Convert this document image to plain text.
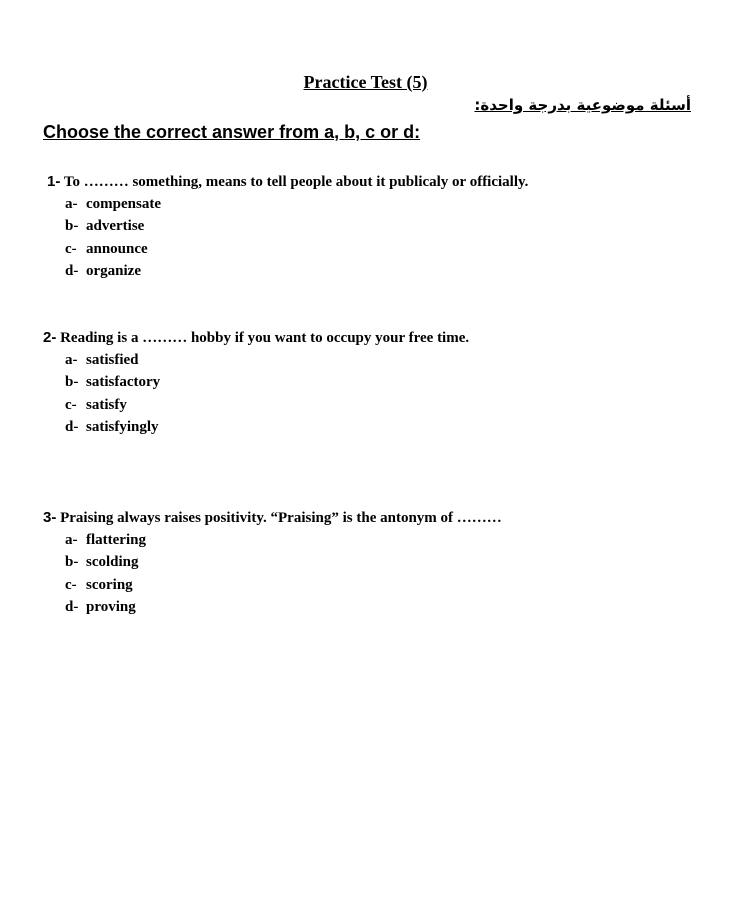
Practice Test (5)
أسئلة موضوعية بدرجة واحدة:
Choose the correct answer from a, b, c or d:
1- To ……… something, means to tell people about it publicaly or officially.
a- compensate
b- advertise
c- announce
d- organize
2- Reading is a ……… hobby if you want to occupy your free time.
a- satisfied
b- satisfactory
c- satisfy
d- satisfyingly
3- Praising always raises positivity. “Praising” is the antonym of ………
a- flattering
b- scolding
c- scoring
d- proving
